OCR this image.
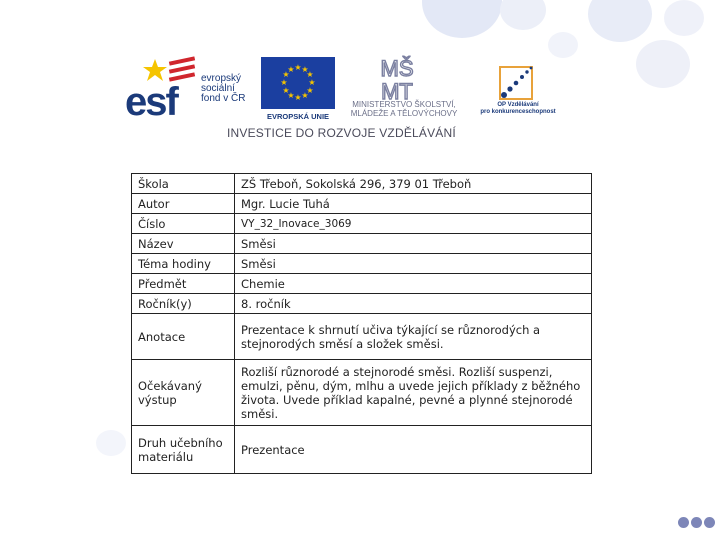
esf
evropský
sociální
fond v ČR
★ ★
★
★
★
★
★
★
★
★
★
★
EVROPSKÁ UNIE
MŠ
MT
MINISTERSTVO ŠKOLSTVÍ,
MLÁDEŽE A TĚLOVÝCHOVY
OP Vzdělávání
pro konkurenceschopnost
INVESTICE DO ROZVOJE VZDĚLÁVÁNÍ
Škola	ZŠ Třeboň, Sokolská 296, 379 01 Třeboň
Autor	Mgr. Lucie Tuhá
Číslo	VY_32_Inovace_3069
Název	Směsi
Téma hodiny	Směsi
Předmět	Chemie
Ročník(y)	8. ročník
Anotace	Prezentace k shrnutí učiva týkající se různorodých a stejnorodých směsí a složek směsi.
Očekávaný výstup	Rozliší různorodé a stejnorodé směsi. Rozliší suspenzi, emulzi, pěnu, dým, mlhu a uvede jejich příklady z běžného života. Uvede příklad kapalné, pevné a plynné stejnorodé směsi.
Druh učebního materiálu	Prezentace
